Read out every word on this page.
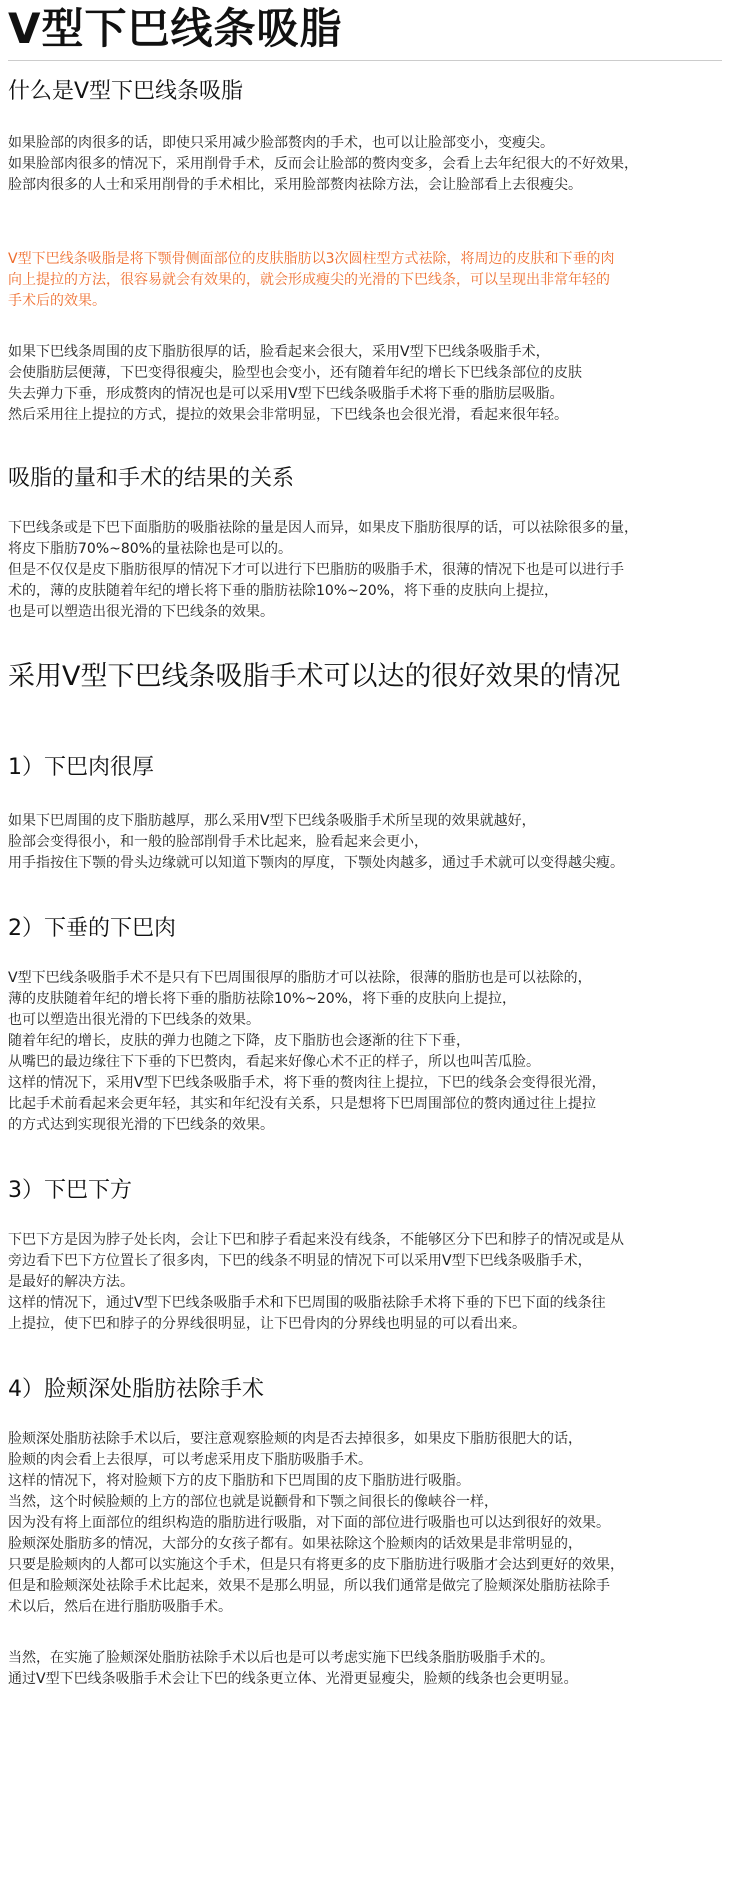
V型下巴线条吸脂
什么是V型下巴线条吸脂
如果脸部的肉很多的话，即使只采用减少脸部赘肉的手术，也可以让脸部变小，变瘦尖。
如果脸部肉很多的情况下，采用削骨手术，反而会让脸部的赘肉变多，会看上去年纪很大的不好效果，
脸部肉很多的人士和采用削骨的手术相比，采用脸部赘肉祛除方法，会让脸部看上去很瘦尖。
V型下巴线条吸脂是将下颚骨侧面部位的皮肤脂肪以3次圆柱型方式祛除，将周边的皮肤和下垂的肉
向上提拉的方法，很容易就会有效果的，就会形成瘦尖的光滑的下巴线条，可以呈现出非常年轻的
手术后的效果。
如果下巴线条周围的皮下脂肪很厚的话，脸看起来会很大，采用V型下巴线条吸脂手术，
会使脂肪层便薄，下巴变得很瘦尖，脸型也会变小，还有随着年纪的增长下巴线条部位的皮肤
失去弹力下垂，形成赘肉的情况也是可以采用V型下巴线条吸脂手术将下垂的脂肪层吸脂。
然后采用往上提拉的方式，提拉的效果会非常明显，下巴线条也会很光滑，看起来很年轻。
吸脂的量和手术的结果的关系
下巴线条或是下巴下面脂肪的吸脂祛除的量是因人而异，如果皮下脂肪很厚的话，可以祛除很多的量，
将皮下脂肪70%~80%的量祛除也是可以的。
但是不仅仅是皮下脂肪很厚的情况下才可以进行下巴脂肪的吸脂手术，很薄的情况下也是可以进行手
术的，薄的皮肤随着年纪的增长将下垂的脂肪祛除10%~20%，将下垂的皮肤向上提拉，
也是可以塑造出很光滑的下巴线条的效果。
采用V型下巴线条吸脂手术可以达的很好效果的情况
1）下巴肉很厚
如果下巴周围的皮下脂肪越厚，那么采用V型下巴线条吸脂手术所呈现的效果就越好，
脸部会变得很小，和一般的脸部削骨手术比起来，脸看起来会更小，
用手指按住下颚的骨头边缘就可以知道下颚肉的厚度，下颚处肉越多，通过手术就可以变得越尖瘦。
2）下垂的下巴肉
V型下巴线条吸脂手术不是只有下巴周围很厚的脂肪才可以祛除，很薄的脂肪也是可以祛除的，
薄的皮肤随着年纪的增长将下垂的脂肪祛除10%~20%，将下垂的皮肤向上提拉，
也可以塑造出很光滑的下巴线条的效果。
随着年纪的增长，皮肤的弹力也随之下降，皮下脂肪也会逐渐的往下下垂，
从嘴巴的最边缘往下下垂的下巴赘肉，看起来好像心术不正的样子，所以也叫苦瓜脸。
这样的情况下，采用V型下巴线条吸脂手术，将下垂的赘肉往上提拉，下巴的线条会变得很光滑，
比起手术前看起来会更年轻，其实和年纪没有关系，只是想将下巴周围部位的赘肉通过往上提拉
的方式达到实现很光滑的下巴线条的效果。
3）下巴下方
下巴下方是因为脖子处长肉，会让下巴和脖子看起来没有线条，不能够区分下巴和脖子的情况或是从
旁边看下巴下方位置长了很多肉，下巴的线条不明显的情况下可以采用V型下巴线条吸脂手术，
是最好的解决方法。
这样的情况下，通过V型下巴线条吸脂手术和下巴周围的吸脂祛除手术将下垂的下巴下面的线条往
上提拉，使下巴和脖子的分界线很明显，让下巴骨肉的分界线也明显的可以看出来。
4）脸颊深处脂肪祛除手术
脸颊深处脂肪祛除手术以后，要注意观察脸颊的肉是否去掉很多，如果皮下脂肪很肥大的话，
脸颊的肉会看上去很厚，可以考虑采用皮下脂肪吸脂手术。
这样的情况下，将对脸颊下方的皮下脂肪和下巴周围的皮下脂肪进行吸脂。
当然，这个时候脸颊的上方的部位也就是说颧骨和下颚之间很长的像峡谷一样，
因为没有将上面部位的组织构造的脂肪进行吸脂，对下面的部位进行吸脂也可以达到很好的效果。
脸颊深处脂肪多的情况，大部分的女孩子都有。如果祛除这个脸颊肉的话效果是非常明显的，
只要是脸颊肉的人都可以实施这个手术，但是只有将更多的皮下脂肪进行吸脂才会达到更好的效果，
但是和脸颊深处祛除手术比起来，效果不是那么明显，所以我们通常是做完了脸颊深处脂肪祛除手
术以后，然后在进行脂肪吸脂手术。
当然，在实施了脸颊深处脂肪祛除手术以后也是可以考虑实施下巴线条脂肪吸脂手术的。
通过V型下巴线条吸脂手术会让下巴的线条更立体、光滑更显瘦尖，脸颊的线条也会更明显。
